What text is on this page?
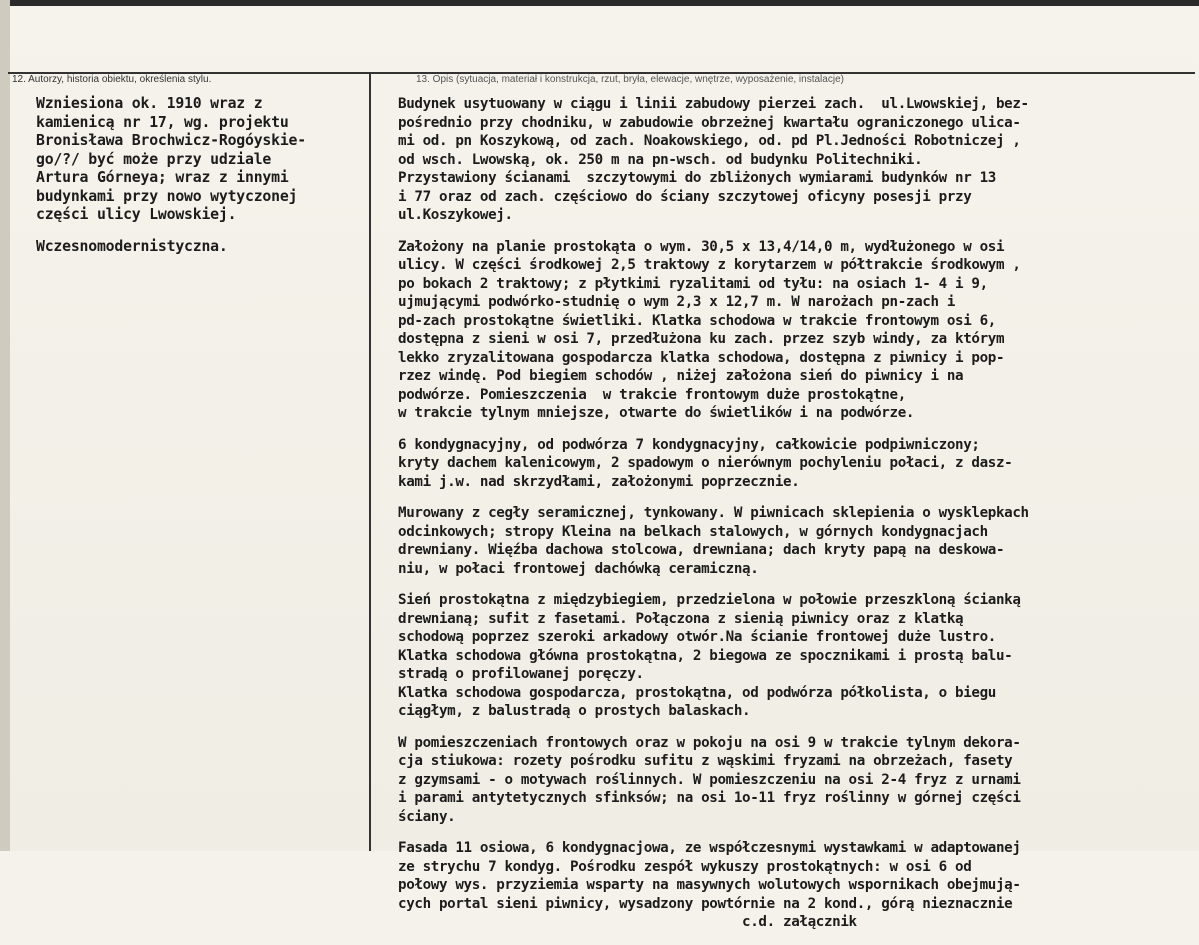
12. Autorzy, historia obiektu, określenia stylu.	13. Opis (sytuacja, materiał i konstrukcja, rzut, bryła, elewacje, wnętrze, wyposażenie, instalacje)

Wzniesiona ok. 1910 wraz z
kamienicą nr 17, wg. projektu
Bronisława Brochwicz-Rogóyskie-
go/?/ być może przy udziale
Artura Górneya; wraz z innymi
budynkami przy nowo wytyczonej
części ulicy Lwowskiej.

Wczesnomodernistyczna.

Budynek usytuowany w ciągu i linii zabudowy pierzei zach.  ul.Lwowskiej, bez-
pośrednio przy chodniku, w zabudowie obrzeżnej kwartału ograniczonego ulica-
mi od. pn Koszykową, od zach. Noakowskiego, od. pd Pl.Jedności Robotniczej ,
od wsch. Lwowską, ok. 250 m na pn-wsch. od budynku Politechniki.
Przystawiony ścianami  szczytowymi do zbliżonych wymiarami budynków nr 13
i 77 oraz od zach. częściowo do ściany szczytowej oficyny posesji przy
ul.Koszykowej.

Założony na planie prostokąta o wym. 30,5 x 13,4/14,0 m, wydłużonego w osi
ulicy. W części środkowej 2,5 traktowy z korytarzem w półtrakcie środkowym ,
po bokach 2 traktowy; z płytkimi ryzalitami od tyłu: na osiach 1- 4 i 9,
ujmującymi podwórko-studnię o wym 2,3 x 12,7 m. W narożach pn-zach i
pd-zach prostokątne świetliki. Klatka schodowa w trakcie frontowym osi 6,
dostępna z sieni w osi 7, przedłużona ku zach. przez szyb windy, za którym
lekko zryzalitowana gospodarcza klatka schodowa, dostępna z piwnicy i pop-
rzez windę. Pod biegiem schodów , niżej założona sień do piwnicy i na
podwórze. Pomieszczenia  w trakcie frontowym duże prostokątne,
w trakcie tylnym mniejsze, otwarte do świetlików i na podwórze.

6 kondygnacyjny, od podwórza 7 kondygnacyjny, całkowicie podpiwniczony;
kryty dachem kalenicowym, 2 spadowym o nierównym pochyleniu połaci, z dasz-
kami j.w. nad skrzydłami, założonymi poprzecznie.

Murowany z cegły seramicznej, tynkowany. W piwnicach sklepienia o wysklepkach
odcinkowych; stropy Kleina na belkach stalowych, w górnych kondygnacjach
drewniany. Więźba dachowa stolcowa, drewniana; dach kryty papą na deskowa-
niu, w połaci frontowej dachówką ceramiczną.

Sień prostokątna z międzybiegiem, przedzielona w połowie przeszkloną ścianką
drewnianą; sufit z fasetami. Połączona z sienią piwnicy oraz z klatką
schodową poprzez szeroki arkadowy otwór.Na ścianie frontowej duże lustro.
Klatka schodowa główna prostokątna, 2 biegowa ze spocznikami i prostą balu-
stradą o profilowanej poręczy.
Klatka schodowa gospodarcza, prostokątna, od podwórza półkolista, o biegu
ciągłym, z balustradą o prostych balaskach.

W pomieszczeniach frontowych oraz w pokoju na osi 9 w trakcie tylnym dekora-
cja stiukowa: rozety pośrodku sufitu z wąskimi fryzami na obrzeżach, fasety
z gzymsami - o motywach roślinnych. W pomieszczeniu na osi 2-4 fryz z urnami
i parami antytetycznych sfinksów; na osi 1o-11 fryz roślinny w górnej części
ściany.

Fasada 11 osiowa, 6 kondygnacjowa, ze współczesnymi wystawkami w adaptowanej
ze strychu 7 kondyg. Pośrodku zespół wykuszy prostokątnych: w osi 6 od
połowy wys. przyziemia wsparty na masywnych wolutowych wspornikach obejmują-
cych portal sieni piwnicy, wysadzony powtórnie na 2 kond., górą nieznacznie
c.d. załącznik
